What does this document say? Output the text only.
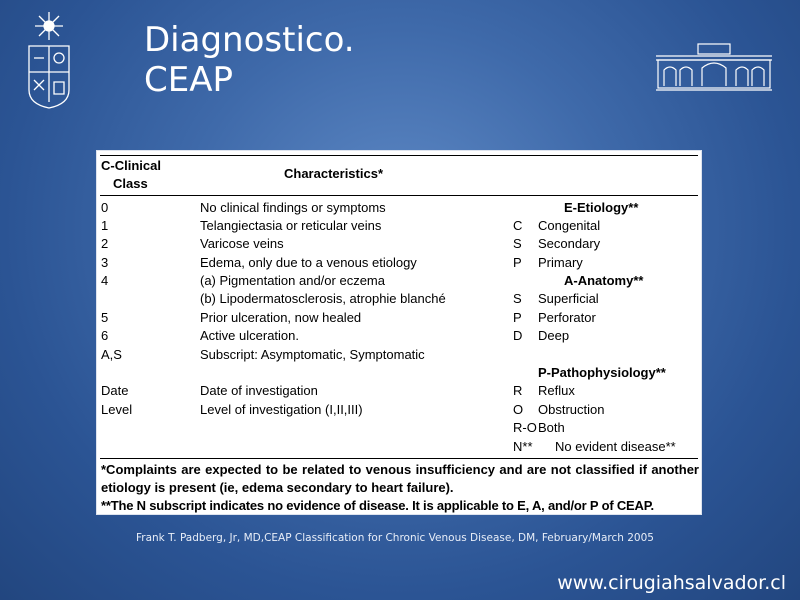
Diagnostico.
CEAP
C-Clinical
Class
Characteristics*
0	No clinical findings or symptoms
1	Telangiectasia or reticular veins
2	Varicose veins
3	Edema, only due to a venous etiology
4	(a) Pigmentation and/or eczema
(b) Lipodermatosclerosis, atrophie blanché
5	Prior ulceration, now healed
6	Active ulceration.
A,S	Subscript: Asymptomatic, Symptomatic
Date	Date of investigation
Level	Level of investigation (I,II,III)
E-Etiology**
C Congenital
S Secondary
P Primary
A-Anatomy**
S Superficial
P Perforator
D Deep
P-Pathophysiology**
R Reflux
O Obstruction
R-O Both
N** No evident disease**
*Complaints are expected to be related to venous insufficiency and are not classified if another etiology is present (ie, edema secondary to heart failure).
**The N subscript indicates no evidence of disease. It is applicable to E, A, and/or P of CEAP.
Frank T. Padberg, Jr, MD,CEAP Classification for Chronic Venous Disease, DM, February/March 2005
www.cirugiahsalvador.cl
